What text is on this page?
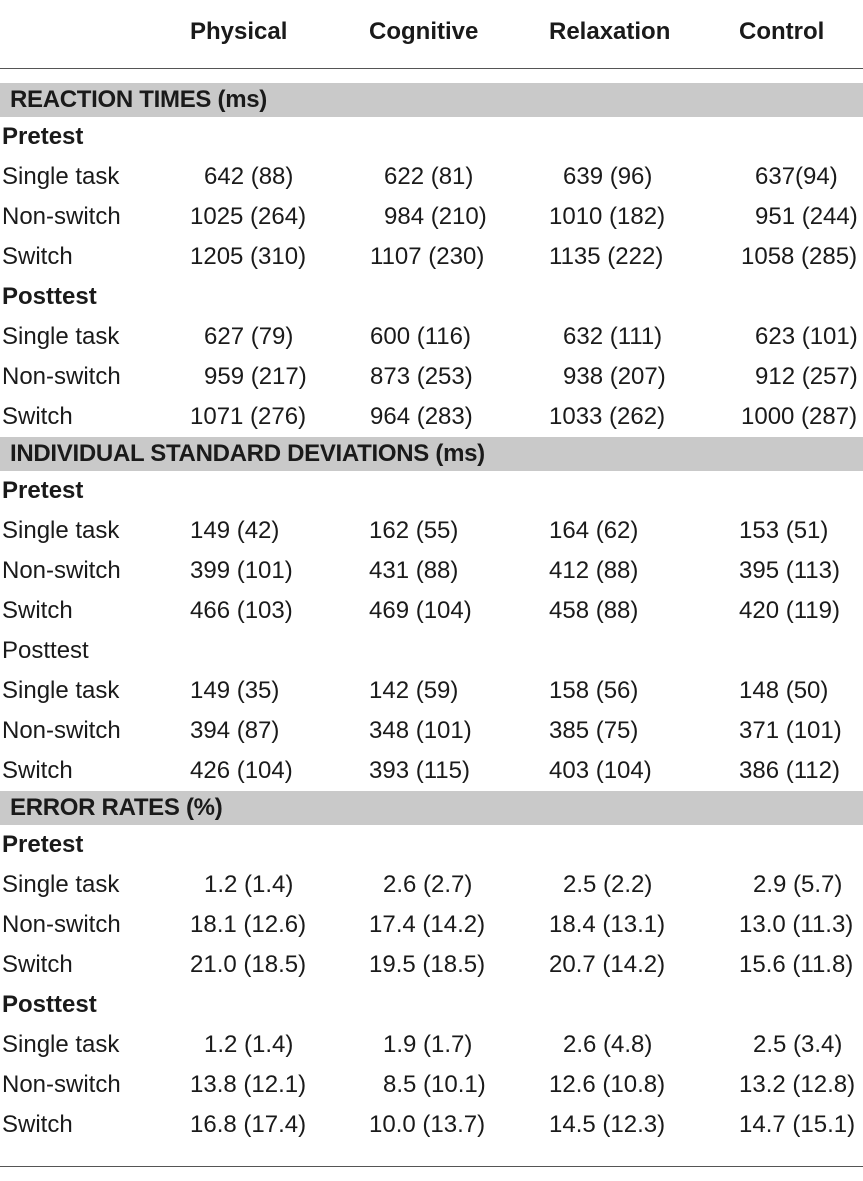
Physical	Cognitive	Relaxation	Control
REACTION TIMES (ms)
Pretest
Single task	642 (88)	622 (81)	639 (96)	637(94)
Non-switch	1025 (264)	984 (210)	1010 (182)	951 (244)
Switch	1205 (310)	1107 (230)	1135 (222)	1058 (285)
Posttest
Single task	627 (79)	600 (116)	632 (111)	623 (101)
Non-switch	959 (217)	873 (253)	938 (207)	912 (257)
Switch	1071 (276)	964 (283)	1033 (262)	1000 (287)
INDIVIDUAL STANDARD DEVIATIONS (ms)
Pretest
Single task	149 (42)	162 (55)	164 (62)	153 (51)
Non-switch	399 (101)	431 (88)	412 (88)	395 (113)
Switch	466 (103)	469 (104)	458 (88)	420 (119)
Posttest
Single task	149 (35)	142 (59)	158 (56)	148 (50)
Non-switch	394 (87)	348 (101)	385 (75)	371 (101)
Switch	426 (104)	393 (115)	403 (104)	386 (112)
ERROR RATES (%)
Pretest
Single task	1.2 (1.4)	2.6 (2.7)	2.5 (2.2)	2.9 (5.7)
Non-switch	18.1 (12.6)	17.4 (14.2)	18.4 (13.1)	13.0 (11.3)
Switch	21.0 (18.5)	19.5 (18.5)	20.7 (14.2)	15.6 (11.8)
Posttest
Single task	1.2 (1.4)	1.9 (1.7)	2.6 (4.8)	2.5 (3.4)
Non-switch	13.8 (12.1)	8.5 (10.1)	12.6 (10.8)	13.2 (12.8)
Switch	16.8 (17.4)	10.0 (13.7)	14.5 (12.3)	14.7 (15.1)
